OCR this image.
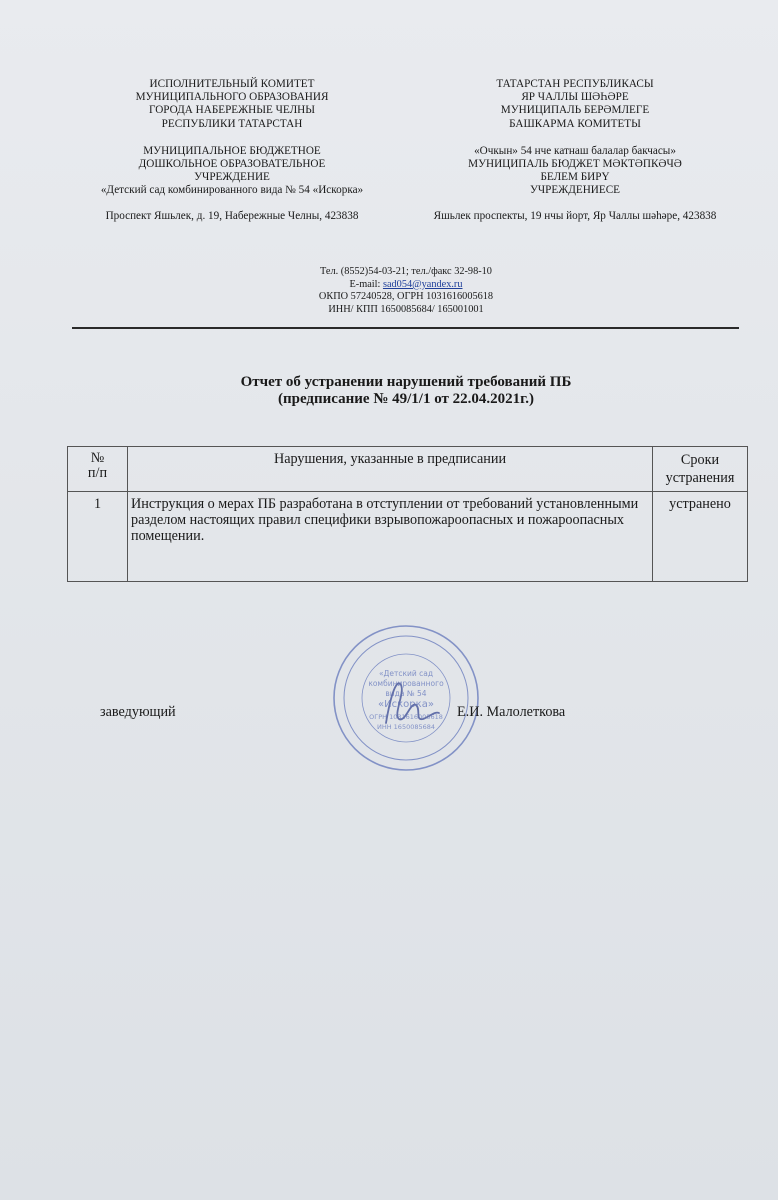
ИСПОЛНИТЕЛЬНЫЙ КОМИТЕТ

МУНИЦИПАЛЬНОГО ОБРАЗОВАНИЯ

ГОРОДА НАБЕРЕЖНЫЕ ЧЕЛНЫ

РЕСПУБЛИКИ ТАТАРСТАН

МУНИЦИПАЛЬНОЕ БЮДЖЕТНОЕ

ДОШКОЛЬНОЕ ОБРАЗОВАТЕЛЬНОЕ

УЧРЕЖДЕНИЕ

«Детский сад комбинированного вида № 54 «Искорка»

Проспект Яшьлек, д. 19, Набережные Челны, 423838

ТАТАРСТАН РЕСПУБЛИКАСЫ

ЯР ЧАЛЛЫ ШӘҺӘРЕ

МУНИЦИПАЛЬ БЕРӘМЛЕГЕ

БАШКАРМА КОМИТЕТЫ

«Очкын» 54 нче катнаш балалар бакчасы»

МУНИЦИПАЛЬ БЮДЖЕТ МӘКТӘПКӘЧӘ

БЕЛЕМ БИРҮ

УЧРЕЖДЕНИЕСЕ

Яшьлек проспекты, 19 нчы йорт, Яр Чаллы шәһәре, 423838

Тел. (8552)54-03-21; тел./факс 32-98-10

E-mail: sad054@yandex.ru

ОКПО 57240528, ОГРН 1031616005618

ИНН/ КПП 1650085684/ 165001001

Отчет об устранении нарушений требований ПБ

(предписание № 49/1/1 от 22.04.2021г.)

№
п/п	Нарушения, указанные в предписании	Сроки
устранения
1	Инструкция о мерах ПБ разработана в отступлении от требований установленными разделом настоящих правил специфики взрывопожароопасных и пожароопасных помещении.	устранено
заведующий
«Детский сад
комбинированного
вида № 54
«Искорка»
ОГРН 1031616005618
ИНН 1650085684
Е.И. Малолеткова
